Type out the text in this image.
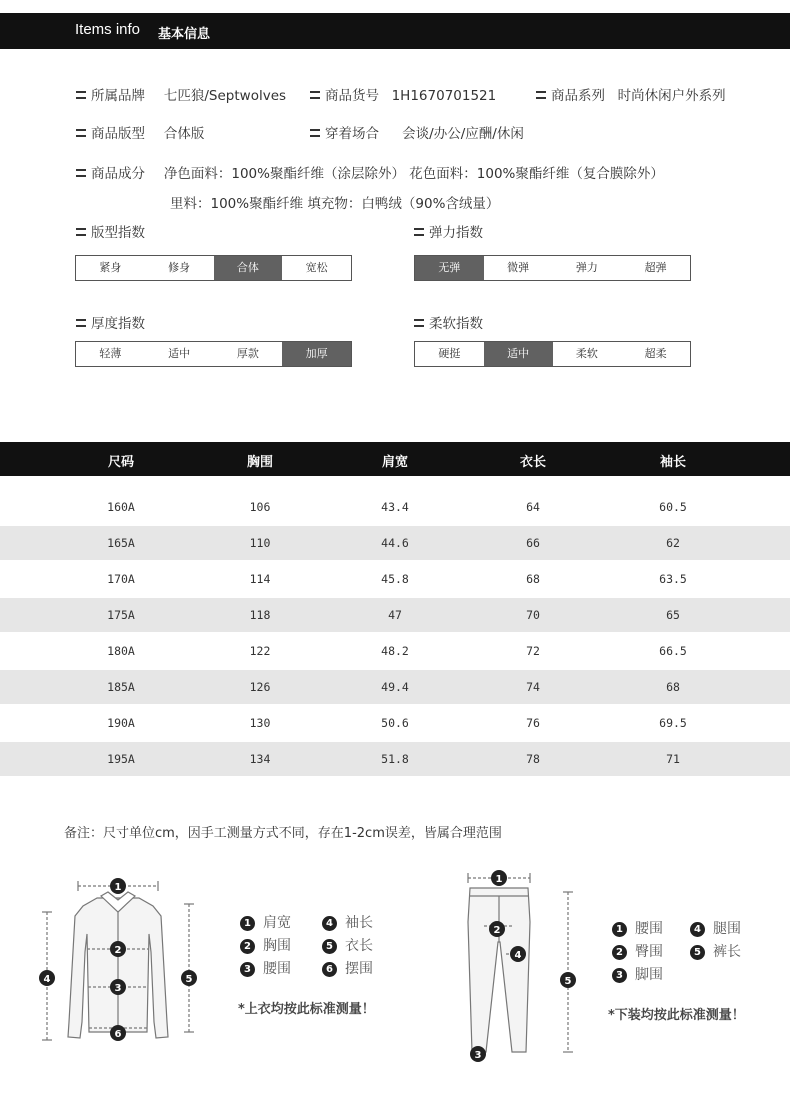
Items info 基本信息
所属品牌 七匹狼/Septwolves	商品货号 1H1670701521	商品系列 时尚休闲户外系列
商品版型 合体版	穿着场合 会谈/办公/应酬/休闲
商品成分 净色面料：100%聚酯纤维（涂层除外） 花色面料：100%聚酯纤维（复合膜除外）
里料：100%聚酯纤维 填充物：白鸭绒（90%含绒量）
版型指数
紧身	修身	合体	宽松
弹力指数
无弹	微弹	弹力	超弹
厚度指数
轻薄	适中	厚款	加厚
柔软指数
硬挺	适中	柔软	超柔
尺码	胸围	肩宽	衣长	袖长
160A	106	43.4	64	60.5
165A	110	44.6	66	62
170A	114	45.8	68	63.5
175A	118	47	70	65
180A	122	48.2	72	66.5
185A	126	49.4	74	68
190A	130	50.6	76	69.5
195A	134	51.8	78	71
备注：尺寸单位cm，因手工测量方式不同，存在1-2cm误差，皆属合理范围
1
2
3
4	5
6
1 肩宽	4 袖长
2 胸围	5 衣长
3 腰围	6 摆围
*上衣均按此标准测量！
1
2
3
4
5
1 腰围	4 腿围
2 臀围	5 裤长
3 脚围
*下装均按此标准测量！
